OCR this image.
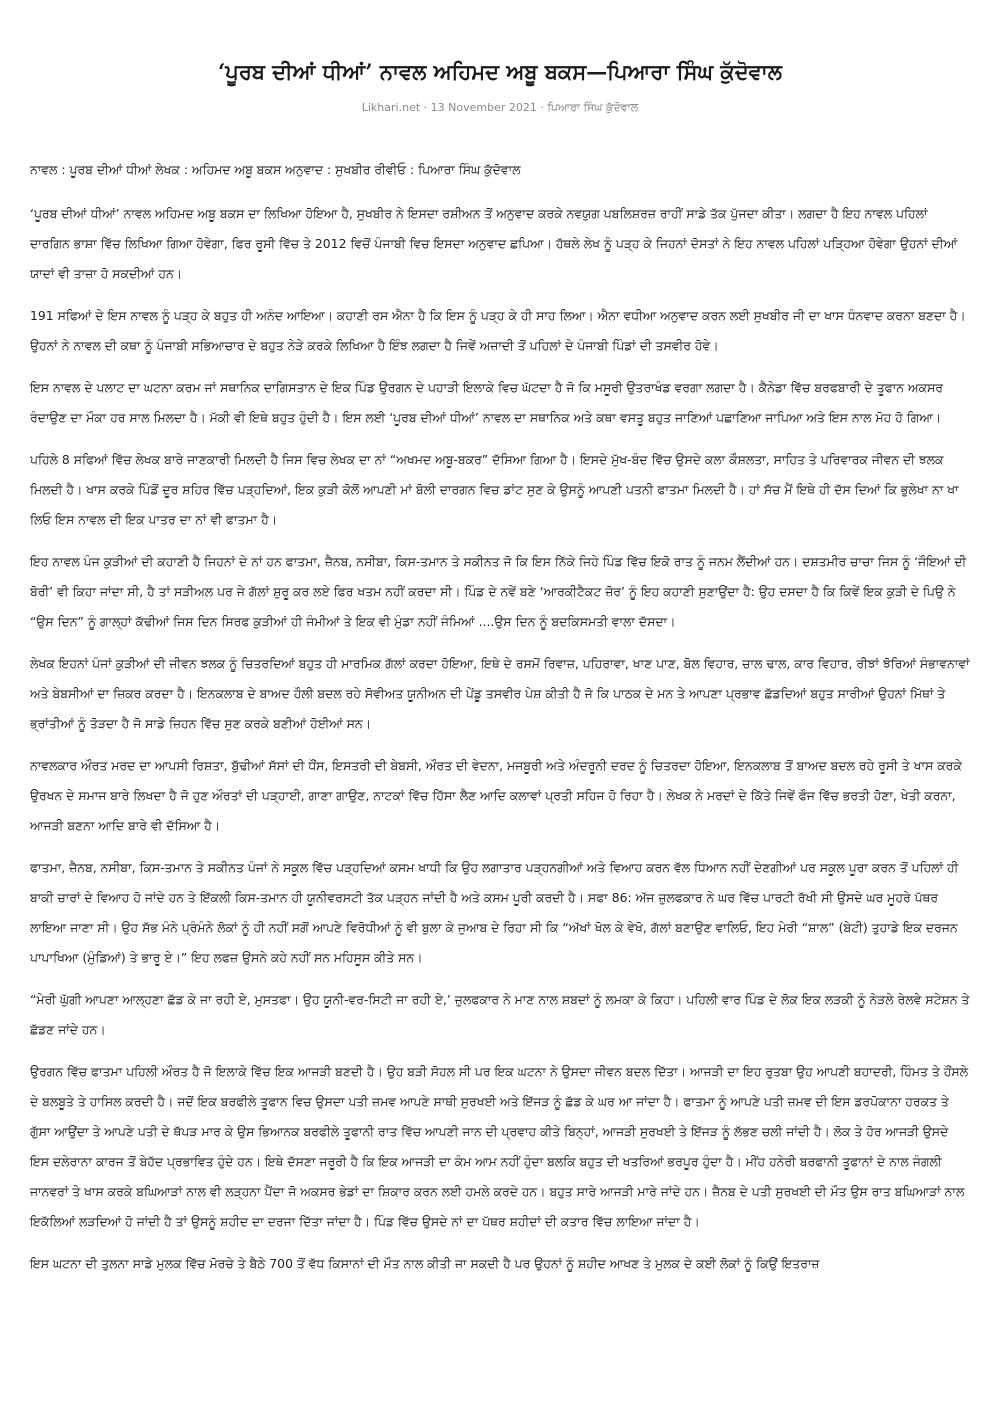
‘ਪੂਰਬ ਦੀਆਂ ਧੀਆਂ’ ਨਾਵਲ ਅਹਿਮਦ ਅਬੂ ਬਕਸ—ਪਿਆਰਾ ਸਿੰਘ ਕੁੱਦੋਵਾਲ
Likhari.net · 13 November 2021 · ਪਿਆਰਾ ਸਿੰਘ ਕੁੱਦੋਵਾਲ

ਨਾਵਲ : ਪੂਰਬ ਦੀਆਂ ਧੀਆਂ ਲੇਖਕ : ਅਹਿਮਦ ਅਬੂ ਬਕਸ ਅਨੁਵਾਦ : ਸੁਖਬੀਰ ਰੀਵੀਓ : ਪਿਆਰਾ ਸਿੰਘ ਕੁੱਦੋਵਾਲ

‘ਪੂਰਬ ਦੀਆਂ ਧੀਆਂ’ ਨਾਵਲ ਅਹਿਮਦ ਅਬੂ ਬਕਸ ਦਾ ਲਿਖਿਆ ਹੋਇਆ ਹੈ, ਸੁਖਬੀਰ ਨੇ ਇਸਦਾ ਰਸ਼ੀਅਨ ਤੋਂ ਅਨੁਵਾਦ ਕਰਕੇ ਨਵਯੁਗ ਪਬਲਿਸ਼ਰਜ਼ ਰਾਹੀਂ ਸਾਡੇ ਤੱਕ ਪੁੱਜਦਾ ਕੀਤਾ। ਲਗਦਾ ਹੈ ਇਹ ਨਾਵਲ ਪਹਿਲਾਂ ਦਾਰਗਿਨ ਭਾਸ਼ਾ ਵਿੱਚ ਲਿਖਿਆ ਗਿਆ ਹੋਵੇਗਾ, ਫਿਰ ਰੂਸੀ ਵਿੱਚ ਤੇ 2012 ਵਿਚੋਂ ਪੰਜਾਬੀ ਵਿਚ ਇਸਦਾ ਅਨੁਵਾਦ ਛਪਿਆ। ਹੱਥਲੇ ਲੇਖ ਨੂੰ ਪੜ੍ਹ ਕੇ ਜਿਹਨਾਂ ਦੋਸਤਾਂ ਨੇ ਇਹ ਨਾਵਲ ਪਹਿਲਾਂ ਪੜ੍ਹਿਆ ਹੋਵੇਗਾ ਉਹਨਾਂ ਦੀਆਂ ਯਾਦਾਂ ਵੀ ਤਾਜ਼ਾ ਹੋ ਸਕਦੀਆਂ ਹਨ।

191 ਸਫਿਆਂ ਦੇ ਇਸ ਨਾਵਲ ਨੂੰ ਪੜ੍ਹ ਕੇ ਬਹੁਤ ਹੀ ਅਨੰਦ ਆਇਆ। ਕਹਾਣੀ ਰਸ ਐਨਾ ਹੈ ਕਿ ਇਸ ਨੂੰ ਪੜ੍ਹ ਕੇ ਹੀ ਸਾਹ ਲਿਆ। ਐਨਾ ਵਧੀਆ ਅਨੁਵਾਦ ਕਰਨ ਲਈ ਸੁਖਬੀਰ ਜੀ ਦਾ ਖਾਸ ਧੰਨਵਾਦ ਕਰਨਾ ਬਣਦਾ ਹੈ। ਉਹਨਾਂ ਨੇ ਨਾਵਲ ਦੀ ਕਥਾ ਨੂੰ ਪੰਜਾਬੀ ਸਭਿਆਚਾਰ ਦੇ ਬਹੁਤ ਨੇੜੇ ਕਰਕੇ ਲਿਖਿਆ ਹੈ ਇੰਝ ਲਗਦਾ ਹੈ ਜਿਵੇਂ ਅਜ਼ਾਦੀ ਤੋਂ ਪਹਿਲਾਂ ਦੇ ਪੰਜਾਬੀ ਪਿੰਡਾਂ ਦੀ ਤਸਵੀਰ ਹੋਵੇ।

ਇਸ ਨਾਵਲ ਦੇ ਪਲਾਟ ਦਾ ਘਟਨਾ ਕਰਮ ਜਾਂ ਸਥਾਨਿਕ ਦਾਗਿਸਤਾਨ ਦੇ ਇਕ ਪਿੰਡ ਉਰਗਨ ਦੇ ਪਹਾੜੀ ਇਲਾਕੇ ਵਿਚ ਘੱਟਦਾ ਹੈ ਜੋ ਕਿ ਮਸੂਰੀ ਉਤਰਾਖੰਡ ਵਰਗਾ ਲਗਦਾ ਹੈ। ਕੈਨੇਡਾ ਵਿੱਚ ਬਰਫਬਾਰੀ ਦੇ ਤੂਫਾਨ ਅਕਸਰ ਰੰਦਾਉਣ ਦਾ ਮੌਕਾ ਹਰ ਸਾਲ ਮਿਲਦਾ ਹੈ। ਮੱਕੀ ਵੀ ਇਥੇ ਬਹੁਤ ਹੁੰਦੀ ਹੈ। ਇਸ ਲਈ ‘ਪੂਰਬ ਦੀਆਂ ਧੀਆਂ’ ਨਾਵਲ ਦਾ ਸਥਾਨਿਕ ਅਤੇ ਕਥਾ ਵਸਤੂ ਬਹੁਤ ਜਾਣਿਆਂ ਪਛਾਣਿਆ ਜਾਪਿਆ ਅਤੇ ਇਸ ਨਾਲ ਮੋਹ ਹੋ ਗਿਆ।

ਪਹਿਲੇ 8 ਸਫਿਆਂ ਵਿੱਚ ਲੇਖਕ ਬਾਰੇ ਜਾਣਕਾਰੀ ਮਿਲਦੀ ਹੈ ਜਿਸ ਵਿਚ ਲੇਖਕ ਦਾ ਨਾਂ “ਅਖਮਦ ਅਬੂ-ਬਕਰ” ਦੱਸਿਆ ਗਿਆ ਹੈ। ਇਸਦੇ ਮੁੱਖ-ਬੰਦ ਵਿੱਚ ਉਸਦੇ ਕਲਾ ਕੌਸ਼ਲਤਾ, ਸਾਹਿਤ ਤੇ ਪਰਿਵਾਰਕ ਜੀਵਨ ਦੀ ਝਲਕ ਮਿਲਦੀ ਹੈ। ਖਾਸ ਕਰਕੇ ਪਿੰਡੋਂ ਦੂਰ ਸ਼ਹਿਰ ਵਿੱਚ ਪੜ੍ਹਦਿਆਂ, ਇਕ ਕੁੜੀ ਕੋਲੋਂ ਆਪਣੀ ਮਾਂ ਬੋਲੀ ਦਾਰਗਨ ਵਿਚ ਡਾਂਟ ਸੁਣ ਕੇ ਉਸਨੂੰ ਆਪਣੀ ਪਤਨੀ ਫਾਤਮਾ ਮਿਲਦੀ ਹੈ। ਹਾਂ ਸੱਚ ਮੈਂ ਇਥੇ ਹੀ ਦੱਸ ਦਿਆਂ ਕਿ ਭੁਲੇਖਾ ਨਾ ਖਾ ਲਿਓ ਇਸ ਨਾਵਲ ਦੀ ਇਕ ਪਾਤਰ ਦਾ ਨਾਂ ਵੀ ਫਾਤਮਾ ਹੈ।

ਇਹ ਨਾਵਲ ਪੰਜ ਕੁੜੀਆਂ ਦੀ ਕਹਾਣੀ ਹੈ ਜਿਹਨਾਂ ਦੇ ਨਾਂ ਹਨ ਫਾਤਮਾ, ਜ਼ੈਨਬ, ਨਸੀਬਾ, ਕਿਸ-ਤਮਾਨ ਤੇ ਸਕੀਨਤ ਜੋ ਕਿ ਇਸ ਨਿੱਕੇ ਜਿਹੇ ਪਿੰਡ ਵਿੱਚ ਇਕੋ ਰਾਤ ਨੂੰ ਜਨਮ ਲੈਂਦੀਆਂ ਹਨ। ਦਸ਼ਤਮੀਰ ਚਾਚਾ ਜਿਸ ਨੂੰ ‘ਜੌਇਆਂ ਦੀ ਬੋਰੀ’ ਵੀ ਕਿਹਾ ਜਾਂਦਾ ਸੀ, ਹੈ ਤਾਂ ਸੜੀਅਲ ਪਰ ਜੇ ਗੱਲਾਂ ਸ਼ੁਰੂ ਕਰ ਲਏ ਫਿਰ ਖਤਮ ਨਹੀਂ ਕਰਦਾ ਸੀ। ਪਿੰਡ ਦੇ ਨਵੇਂ ਬਣੇ ‘ਆਰਕੀਟੈਕਟ ਜ਼ੋਰ’ ਨੂੰ ਇਹ ਕਹਾਣੀ ਸੁਣਾਉਂਦਾ ਹੈ: ਉਹ ਦਸਦਾ ਹੈ ਕਿ ਕਿਵੇਂ ਇਕ ਕੁੜੀ ਦੇ ਪਿਉ ਨੇ “ਉਸ ਦਿਨ” ਨੂੰ ਗਾਲ੍ਹਾਂ ਕੱਢੀਆਂ ਜਿਸ ਦਿਨ ਸਿਰਫ ਕੁੜੀਆਂ ਹੀ ਜੰਮੀਆਂ ਤੇ ਇਕ ਵੀ ਮੁੰਡਾ ਨਹੀਂ ਜੰਮਿਆਂ ....ਉਸ ਦਿਨ ਨੂੰ ਬਦਕਿਸਮਤੀ ਵਾਲਾ ਦੱਸਦਾ।

ਲੇਖਕ ਇਹਨਾਂ ਪੰਜਾਂ ਕੁੜੀਆਂ ਦੀ ਜੀਵਨ ਝਲਕ ਨੂੰ ਚਿਤਰਦਿਆਂ ਬਹੁਤ ਹੀ ਮਾਰਮਿਕ ਗੱਲਾਂ ਕਰਦਾ ਹੋਇਆ, ਇਥੇ ਦੇ ਰਸਮੋਂ ਰਿਵਾਜ਼, ਪਹਿਰਾਵਾ, ਖਾਣ ਪਾਣ, ਬੋਲ ਵਿਹਾਰ, ਚਾਲ ਢਾਲ, ਕਾਰ ਵਿਹਾਰ, ਰੀਝਾਂ ਝੋਰਿਆਂ ਸੰਭਾਵਨਾਵਾਂ ਅਤੇ ਬੇਬਸੀਆਂ ਦਾ ਜ਼ਿਕਰ ਕਰਦਾ ਹੈ। ਇਨਕਲਾਬ ਦੇ ਬਾਅਦ ਹੌਲੀ ਬਦਲ ਰਹੇ ਸੋਵੀਅਤ ਯੂਨੀਅਨ ਦੀ ਪੇਂਡੂ ਤਸਵੀਰ ਪੇਸ਼ ਕੀਤੀ ਹੈ ਜੋ ਕਿ ਪਾਠਕ ਦੇ ਮਨ ਤੇ ਆਪਣਾ ਪ੍ਰਭਾਵ ਛੱਡਦਿਆਂ ਬਹੁਤ ਸਾਰੀਆਂ ਉਹਨਾਂ ਮਿੱਥਾਂ ਤੇ ਭ੍ਰਾਂਤੀਆਂ ਨੂੰ ਤੋੜਦਾ ਹੈ ਜੋ ਸਾਡੇ ਜ਼ਿਹਨ ਵਿੱਚ ਸੁਣ ਕਰਕੇ ਬਣੀਆਂ ਹੋਈਆਂ ਸਨ।

ਨਾਵਲਕਾਰ ਔਰਤ ਮਰਦ ਦਾ ਆਪਸੀ ਰਿਸ਼ਤਾ, ਬੁੱਢੀਆਂ ਸੱਸਾਂ ਦੀ ਧੌਂਸ, ਇਸਤਰੀ ਦੀ ਬੇਬਸੀ, ਔਰਤ ਦੀ ਵੇਦਨਾ, ਮਜਬੂਰੀ ਅਤੇ ਅੰਦਰੂਨੀ ਦਰਦ ਨੂੰ ਚਿਤਰਦਾ ਹੋਇਆ, ਇਨਕਲਾਬ ਤੋਂ ਬਾਅਦ ਬਦਲ ਰਹੇ ਰੂਸੀ ਤੇ ਖਾਸ ਕਰਕੇ ਉਰਖਨ ਦੇ ਸਮਾਜ ਬਾਰੇ ਲਿਖਦਾ ਹੈ ਜੋ ਹੁਣ ਔਰਤਾਂ ਦੀ ਪੜ੍ਹਾਈ, ਗਾਣਾ ਗਾਉਣ, ਨਾਟਕਾਂ ਵਿੱਚ ਹਿੱਸਾ ਲੈਣ ਆਦਿ ਕਲਾਵਾਂ ਪ੍ਰਤੀ ਸਹਿਜ ਹੋ ਰਿਹਾ ਹੈ। ਲੇਖਕ ਨੇ ਮਰਦਾਂ ਦੇ ਕਿੱਤੇ ਜਿਵੇਂ ਫੌਜ ਵਿੱਚ ਭਰਤੀ ਹੋਣਾ, ਖੇਤੀ ਕਰਨਾ, ਆਜੜੀ ਬਣਨਾ ਆਦਿ ਬਾਰੇ ਵੀ ਦੱਸਿਆ ਹੈ।

ਫਾਤਮਾ, ਜ਼ੈਨਬ, ਨਸੀਬਾ, ਕਿਸ-ਤਮਾਨ ਤੇ ਸਕੀਨਤ ਪੰਜਾਂ ਨੇ ਸਕੂਲ ਵਿੱਚ ਪੜ੍ਹਦਿਆਂ ਕਸਮ ਖਾਧੀ ਕਿ ਉਹ ਲਗਾਤਾਰ ਪੜ੍ਹਨਗੀਆਂ ਅਤੇ ਵਿਆਹ ਕਰਨ ਵੱਲ ਧਿਆਨ ਨਹੀਂ ਦੇਣਗੀਆਂ ਪਰ ਸਕੂਲ ਪੂਰਾ ਕਰਨ ਤੋਂ ਪਹਿਲਾਂ ਹੀ ਬਾਕੀ ਚਾਰਾਂ ਦੇ ਵਿਆਹ ਹੋ ਜਾਂਦੇ ਹਨ ਤੇ ਇੱਕਲੀ ਕਿਸ-ਤਮਾਨ ਹੀ ਯੂਨੀਵਰਸਟੀ ਤੱਕ ਪੜ੍ਹਨ ਜਾਂਦੀ ਹੈ ਅਤੇ ਕਸਮ ਪੂਰੀ ਕਰਦੀ ਹੈ। ਸਫਾ 86: ਅੱਜ ਜ਼ੁਲਫਕਾਰ ਨੇ ਘਰ ਵਿੱਚ ਪਾਰਟੀ ਰੱਖੀ ਸੀ ਉਸਦੇ ਘਰ ਮੂਹਰੇ ਪੱਥਰ ਲਾਇਆ ਜਾਣਾ ਸੀ। ਉਹ ਸੱਭ ਮੰਨੇ ਪ੍ਰੰਮੰਨੇ ਲੋਕਾਂ ਨੂੰ ਹੀ ਨਹੀਂ ਸਗੋਂ ਆਪਣੇ ਵਿਰੋਧੀਆਂ ਨੂੰ ਵੀ ਬੁਲਾ ਕੇ ਜੁਆਬ ਦੇ ਰਿਹਾ ਸੀ ਕਿ “ਅੱਖਾਂ ਖੋਲ ਕੇ ਵੇਖੋ, ਗੱਲਾਂ ਬਣਾਉਣ ਵਾਲਿਓ, ਇਹ ਮੇਰੀ “ਸ਼ਾਲ” (ਬੇਟੀ) ਤੁਹਾਡੇ ਇਕ ਦਰਜਨ ਪਾਪਾਖਿਆ (ਮੁੰਡਿਆਂ) ਤੇ ਭਾਰੂ ਏ।” ਇਹ ਲਫਜ਼ ਉਸਨੇ ਕਹੇ ਨਹੀਂ ਸਨ ਮਹਿਸੂਸ ਕੀਤੇ ਸਨ।

“ਮੇਰੀ ਘੁੱਗੀ ਆਪਣਾ ਆਲ੍ਹਣਾ ਛੱਡ ਕੇ ਜਾ ਰਹੀ ਏ, ਮੁਸਤਫਾ। ਉਹ ਯੂਨੀ-ਵਰ-ਸਿਟੀ ਜਾ ਰਹੀ ਏ,’ ਜ਼ੁਲਫਕਾਰ ਨੇ ਮਾਣ ਨਾਲ ਸ਼ਬਦਾਂ ਨੂੰ ਲਮਕਾ ਕੇ ਕਿਹਾ। ਪਹਿਲੀ ਵਾਰ ਪਿੰਡ ਦੇ ਲੋਕ ਇਕ ਲੜਕੀ ਨੂੰ ਨੇੜਲੇ ਰੇਲਵੇ ਸਟੇਸ਼ਨ ਤੇ ਛੱਡਣ ਜਾਂਦੇ ਹਨ।

ਉਰਗਨ ਵਿੱਚ ਫਾਤਮਾ ਪਹਿਲੀ ਔਰਤ ਹੈ ਜੋ ਇਲਾਕੇ ਵਿੱਚ ਇਕ ਆਜੜੀ ਬਣਦੀ ਹੈ। ਉਹ ਬੜੀ ਸੋਹਲ ਸੀ ਪਰ ਇਕ ਘਟਨਾ ਨੇ ਉਸਦਾ ਜੀਵਨ ਬਦਲ ਦਿੱਤਾ। ਆਜੜੀ ਦਾ ਇਹ ਰੁਤਬਾ ਉਹ ਆਪਣੀ ਬਹਾਦਰੀ, ਹਿੰਮਤ ਤੇ ਹੌਂਸਲੇ ਦੇ ਬਲਬੂਤੇ ਤੇ ਹਾਸਿਲ ਕਰਦੀ ਹੈ। ਜਦੋਂ ਇਕ ਬਰਫੀਲੇ ਤੂਫਾਨ ਵਿਚ ਉਸਦਾ ਪਤੀ ਜ਼ਮਵ ਆਪਣੇ ਸਾਥੀ ਸੁਰਖਈ ਅਤੇ ਇੱਜੜ ਨੂੰ ਛੱਡ ਕੇ ਘਰ ਆ ਜਾਂਦਾ ਹੈ। ਫਾਤਮਾ ਨੂੰ ਆਪਣੇ ਪਤੀ ਜ਼ਮਵ ਦੀ ਇਸ ਡਰਪੋਕਾਨਾ ਹਰਕਤ ਤੇ ਗੁੱਸਾ ਆਉਂਦਾ ਤੇ ਆਪਣੇ ਪਤੀ ਦੇ ਥੱਪੜ ਮਾਰ ਕੇ ਉਸ ਭਿਆਨਕ ਬਰਫੀਲੇ ਤੂਫਾਨੀ ਰਾਤ ਵਿੱਚ ਆਪਣੀ ਜਾਨ ਦੀ ਪ੍ਰਵਾਹ ਕੀਤੇ ਬਿਨ੍ਹਾਂ, ਆਜੜੀ ਸੁਰਖਈ ਤੇ ਇੱਜੜ ਨੂੰ ਲੱਭਣ ਚਲੀ ਜਾਂਦੀ ਹੈ। ਲੋਕ ਤੇ ਹੋਰ ਆਜੜੀ ਉਸਦੇ ਇਸ ਦਲੇਰਾਨਾ ਕਾਰਜ ਤੋਂ ਬੇਹੱਦ ਪ੍ਰਭਾਵਿਤ ਹੁੰਦੇ ਹਨ। ਇਥੇ ਦੱਸਣਾ ਜਰੂਰੀ ਹੈ ਕਿ ਇਕ ਆਜੜੀ ਦਾ ਕੰਮ ਆਮ ਨਹੀਂ ਹੁੰਦਾ ਬਲਕਿ ਬਹੁਤ ਦੀ ਖਤਰਿਆਂ ਭਰਪੂਰ ਹੁੰਦਾ ਹੈ। ਮੀਂਹ ਹਨੇਰੀ ਬਰਫਾਨੀ ਤੂਫਾਨਾਂ ਦੇ ਨਾਲ ਜੰਗਲੀ ਜਾਨਵਰਾਂ ਤੇ ਖਾਸ ਕਰਕੇ ਬਘਿਆੜਾਂ ਨਾਲ ਵੀ ਲੜ੍ਹਨਾ ਪੈਂਦਾ ਜੋ ਅਕਸਰ ਭੇਡਾਂ ਦਾ ਸ਼ਿਕਾਰ ਕਰਨ ਲਈ ਹਮਲੇ ਕਰਦੇ ਹਨ। ਬਹੁਤ ਸਾਰੇ ਆਜੜੀ ਮਾਰੇ ਜਾਂਦੇ ਹਨ। ਜ਼ੈਨਬ ਦੇ ਪਤੀ ਸੁਰਖਈ ਦੀ ਮੌਤ ਉਸ ਰਾਤ ਬਘਿਆੜਾਂ ਨਾਲ ਇਕੱਲਿਆਂ ਲੜਦਿਆਂ ਹੋ ਜਾਂਦੀ ਹੈ ਤਾਂ ਉਸਨੂੰ ਸ਼ਹੀਦ ਦਾ ਦਰਜਾ ਦਿੱਤਾ ਜਾਂਦਾ ਹੈ। ਪਿੰਡ ਵਿੱਚ ਉਸਦੇ ਨਾਂ ਦਾ ਪੱਥਰ ਸ਼ਹੀਦਾਂ ਦੀ ਕਤਾਰ ਵਿੱਚ ਲਾਇਆ ਜਾਂਦਾ ਹੈ।

ਇਸ ਘਟਨਾ ਦੀ ਤੁਲਨਾ ਸਾਡੇ ਮੁਲਕ ਵਿੱਚ ਮੋਰਚੇ ਤੇ ਬੈਠੇ 700 ਤੋਂ ਵੱਧ ਕਿਸਾਨਾਂ ਦੀ ਮੌਤ ਨਾਲ ਕੀਤੀ ਜਾ ਸਕਦੀ ਹੈ ਪਰ ਉਹਨਾਂ ਨੂੰ ਸ਼ਹੀਦ ਆਖਣ ਤੇ ਮੁਲਕ ਦੇ ਕਈ ਲੋਕਾਂ ਨੂੰ ਕਿਉਂ ਇਤਰਾਜ਼
